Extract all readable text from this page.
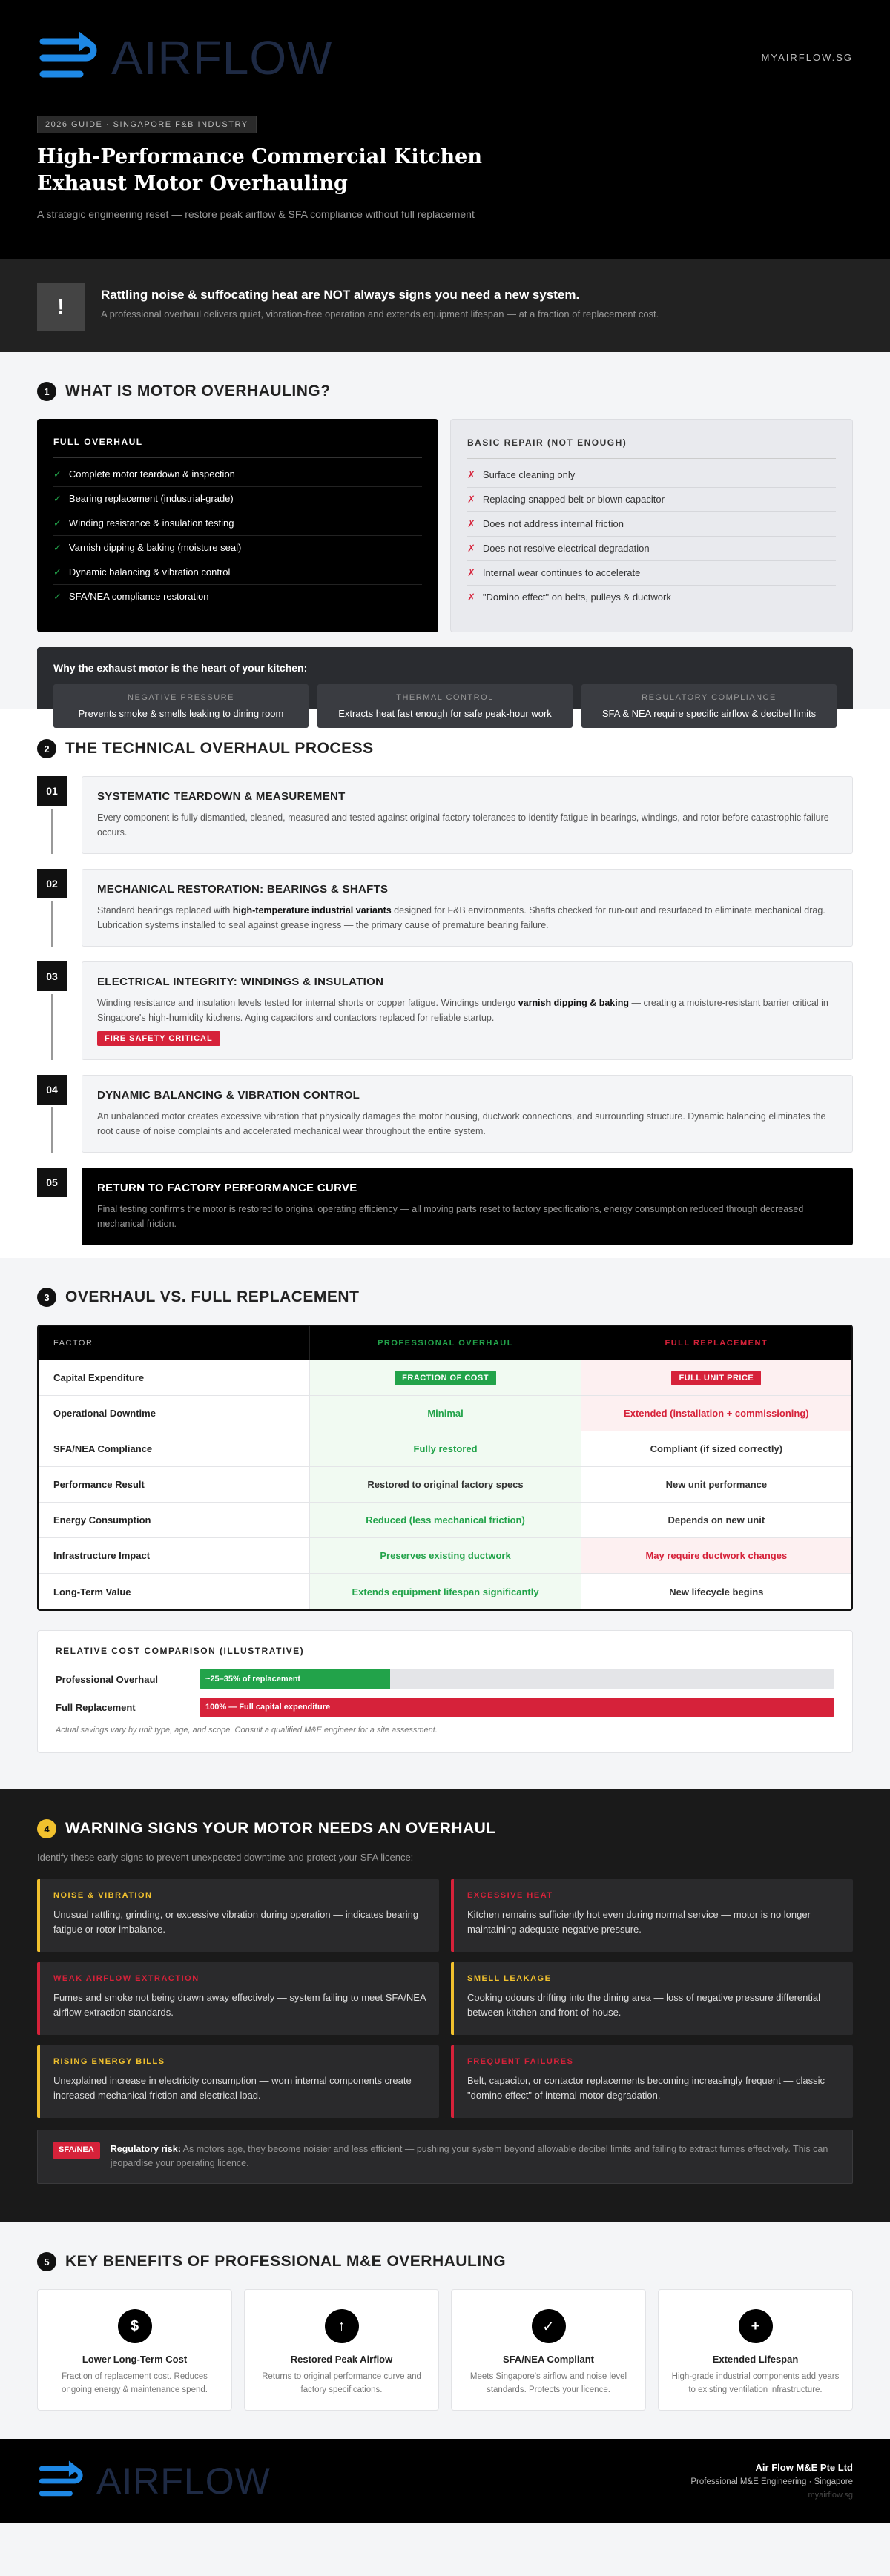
AIRFLOW	MYAIRFLOW.SG
2026 GUIDE · SINGAPORE F&B INDUSTRY
High-Performance Commercial Kitchen
Exhaust Motor Overhauling

A strategic engineering reset — restore peak airflow & SFA compliance without full replacement

!
Rattling noise & suffocating heat are NOT always signs you need a new system.
A professional overhaul delivers quiet, vibration-free operation and extends equipment lifespan — at a fraction of replacement cost.
1	WHAT IS MOTOR OVERHAULING?
FULL OVERHAUL
✓ Complete motor teardown & inspection
✓ Bearing replacement (industrial-grade)
✓ Winding resistance & insulation testing
✓ Varnish dipping & baking (moisture seal)
✓ Dynamic balancing & vibration control
✓ SFA/NEA compliance restoration
BASIC REPAIR (NOT ENOUGH)
✗ Surface cleaning only
✗ Replacing snapped belt or blown capacitor
✗ Does not address internal friction
✗ Does not resolve electrical degradation
✗ Internal wear continues to accelerate
✗ "Domino effect" on belts, pulleys & ductwork
Why the exhaust motor is the heart of your kitchen:
NEGATIVE PRESSURE
Prevents smoke & smells leaking to dining room
THERMAL CONTROL
Extracts heat fast enough for safe peak-hour work
REGULATORY COMPLIANCE
SFA & NEA require specific airflow & decibel limits
2	THE TECHNICAL OVERHAUL PROCESS
01	SYSTEMATIC TEARDOWN & MEASUREMENT
Every component is fully dismantled, cleaned, measured and tested against original factory tolerances to identify fatigue in bearings, windings, and rotor before catastrophic failure occurs.
02	MECHANICAL RESTORATION: BEARINGS & SHAFTS
Standard bearings replaced with high-temperature industrial variants designed for F&B environments. Shafts checked for run-out and resurfaced to eliminate mechanical drag. Lubrication systems installed to seal against grease ingress — the primary cause of premature bearing failure.
03	ELECTRICAL INTEGRITY: WINDINGS & INSULATION
Winding resistance and insulation levels tested for internal shorts or copper fatigue. Windings undergo varnish dipping & baking — creating a moisture-resistant barrier critical in Singapore's high-humidity kitchens. Aging capacitors and contactors replaced for reliable startup.
FIRE SAFETY CRITICAL
04	DYNAMIC BALANCING & VIBRATION CONTROL
An unbalanced motor creates excessive vibration that physically damages the motor housing, ductwork connections, and surrounding structure. Dynamic balancing eliminates the root cause of noise complaints and accelerated mechanical wear throughout the entire system.
05	RETURN TO FACTORY PERFORMANCE CURVE
Final testing confirms the motor is restored to original operating efficiency — all moving parts reset to factory specifications, energy consumption reduced through decreased mechanical friction.
3	OVERHAUL VS. FULL REPLACEMENT
FACTOR	PROFESSIONAL OVERHAUL	FULL REPLACEMENT
Capital Expenditure	FRACTION OF COST	FULL UNIT PRICE
Operational Downtime	Minimal	Extended (installation + commissioning)
SFA/NEA Compliance	Fully restored	Compliant (if sized correctly)
Performance Result	Restored to original factory specs	New unit performance
Energy Consumption	Reduced (less mechanical friction)	Depends on new unit
Infrastructure Impact	Preserves existing ductwork	May require ductwork changes
Long-Term Value	Extends equipment lifespan significantly	New lifecycle begins
RELATIVE COST COMPARISON (ILLUSTRATIVE)
Professional Overhaul	~25–35% of replacement
Full Replacement	100% — Full capital expenditure
Actual savings vary by unit type, age, and scope. Consult a qualified M&E engineer for a site assessment.
4	WARNING SIGNS YOUR MOTOR NEEDS AN OVERHAUL

Identify these early signs to prevent unexpected downtime and protect your SFA licence:

NOISE & VIBRATION
Unusual rattling, grinding, or excessive vibration during operation — indicates bearing fatigue or rotor imbalance.
EXCESSIVE HEAT
Kitchen remains sufficiently hot even during normal service — motor is no longer maintaining adequate negative pressure.
WEAK AIRFLOW EXTRACTION
Fumes and smoke not being drawn away effectively — system failing to meet SFA/NEA airflow extraction standards.
SMELL LEAKAGE
Cooking odours drifting into the dining area — loss of negative pressure differential between kitchen and front-of-house.
RISING ENERGY BILLS
Unexplained increase in electricity consumption — worn internal components create increased mechanical friction and electrical load.
FREQUENT FAILURES
Belt, capacitor, or contactor replacements becoming increasingly frequent — classic "domino effect" of internal motor degradation.
SFA/NEA	Regulatory risk: As motors age, they become noisier and less efficient — pushing your system beyond allowable decibel limits and failing to extract fumes effectively. This can jeopardise your operating licence.

5	KEY BENEFITS OF PROFESSIONAL M&E OVERHAULING
$
Lower Long-Term Cost
Fraction of replacement cost. Reduces ongoing energy & maintenance spend.
↑
Restored Peak Airflow
Returns to original performance curve and factory specifications.
✓
SFA/NEA Compliant
Meets Singapore's airflow and noise level standards. Protects your licence.
+
Extended Lifespan
High-grade industrial components add years to existing ventilation infrastructure.
AIRFLOW	Air Flow M&E Pte Ltd
Professional M&E Engineering · Singapore
myairflow.sg
